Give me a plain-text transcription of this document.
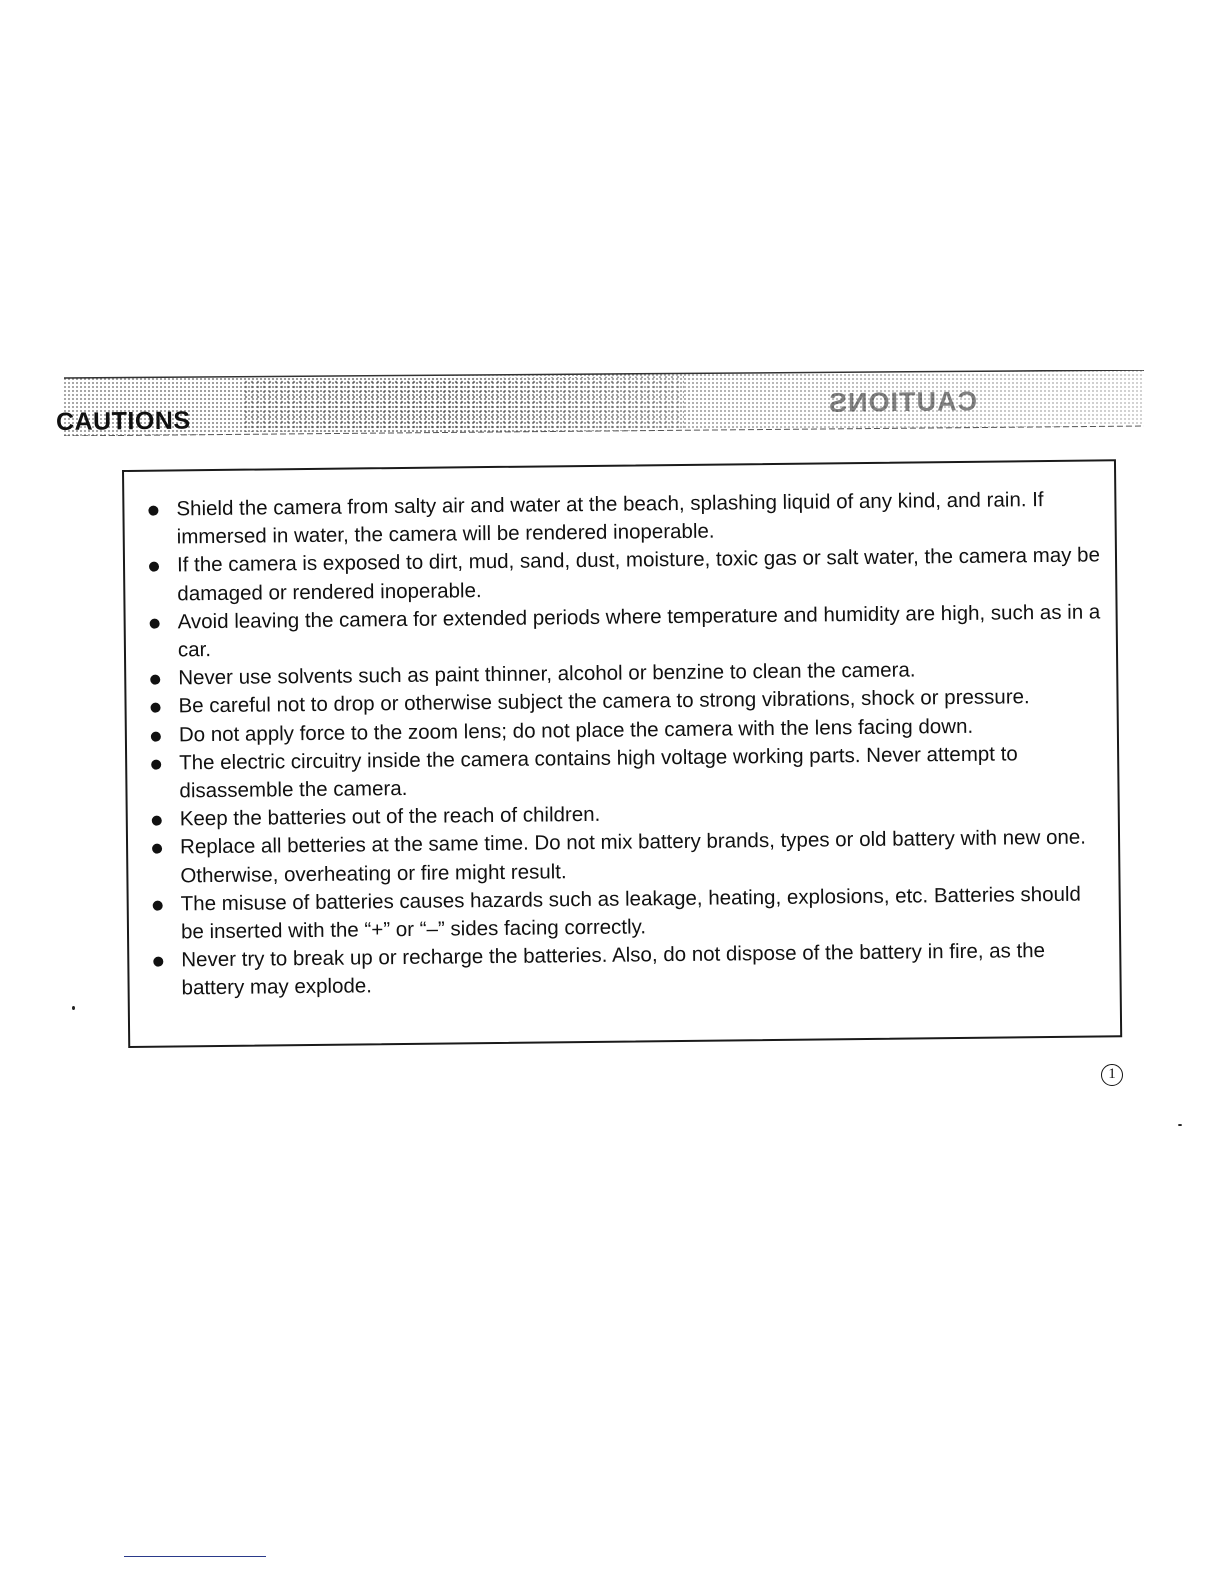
CAUTIONS
CAUTIONS
Shield the camera from salty air and water at the beach, splashing liquid of any kind, and rain. If immersed in water, the camera will be rendered inoperable.
If the camera is exposed to dirt, mud, sand, dust, moisture, toxic gas or salt water, the camera may be damaged or rendered inoperable.
Avoid leaving the camera for extended periods where temperature and humidity are high, such as in a car.
Never use solvents such as paint thinner, alcohol or benzine to clean the camera.
Be careful not to drop or otherwise subject the camera to strong vibrations, shock or pressure.
Do not apply force to the zoom lens; do not place the camera with the lens facing down.
The electric circuitry inside the camera contains high voltage working parts. Never attempt to disassemble the camera.
Keep the batteries out of the reach of children.
Replace all betteries at the same time. Do not mix battery brands, types or old battery with new one. Otherwise, overheating or fire might result.
The misuse of batteries causes hazards such as leakage, heating, explosions, etc. Batteries should be inserted with the “+” or “–” sides facing correctly.
Never try to break up or recharge the batteries. Also, do not dispose of the battery in fire, as the battery may explode.
1
